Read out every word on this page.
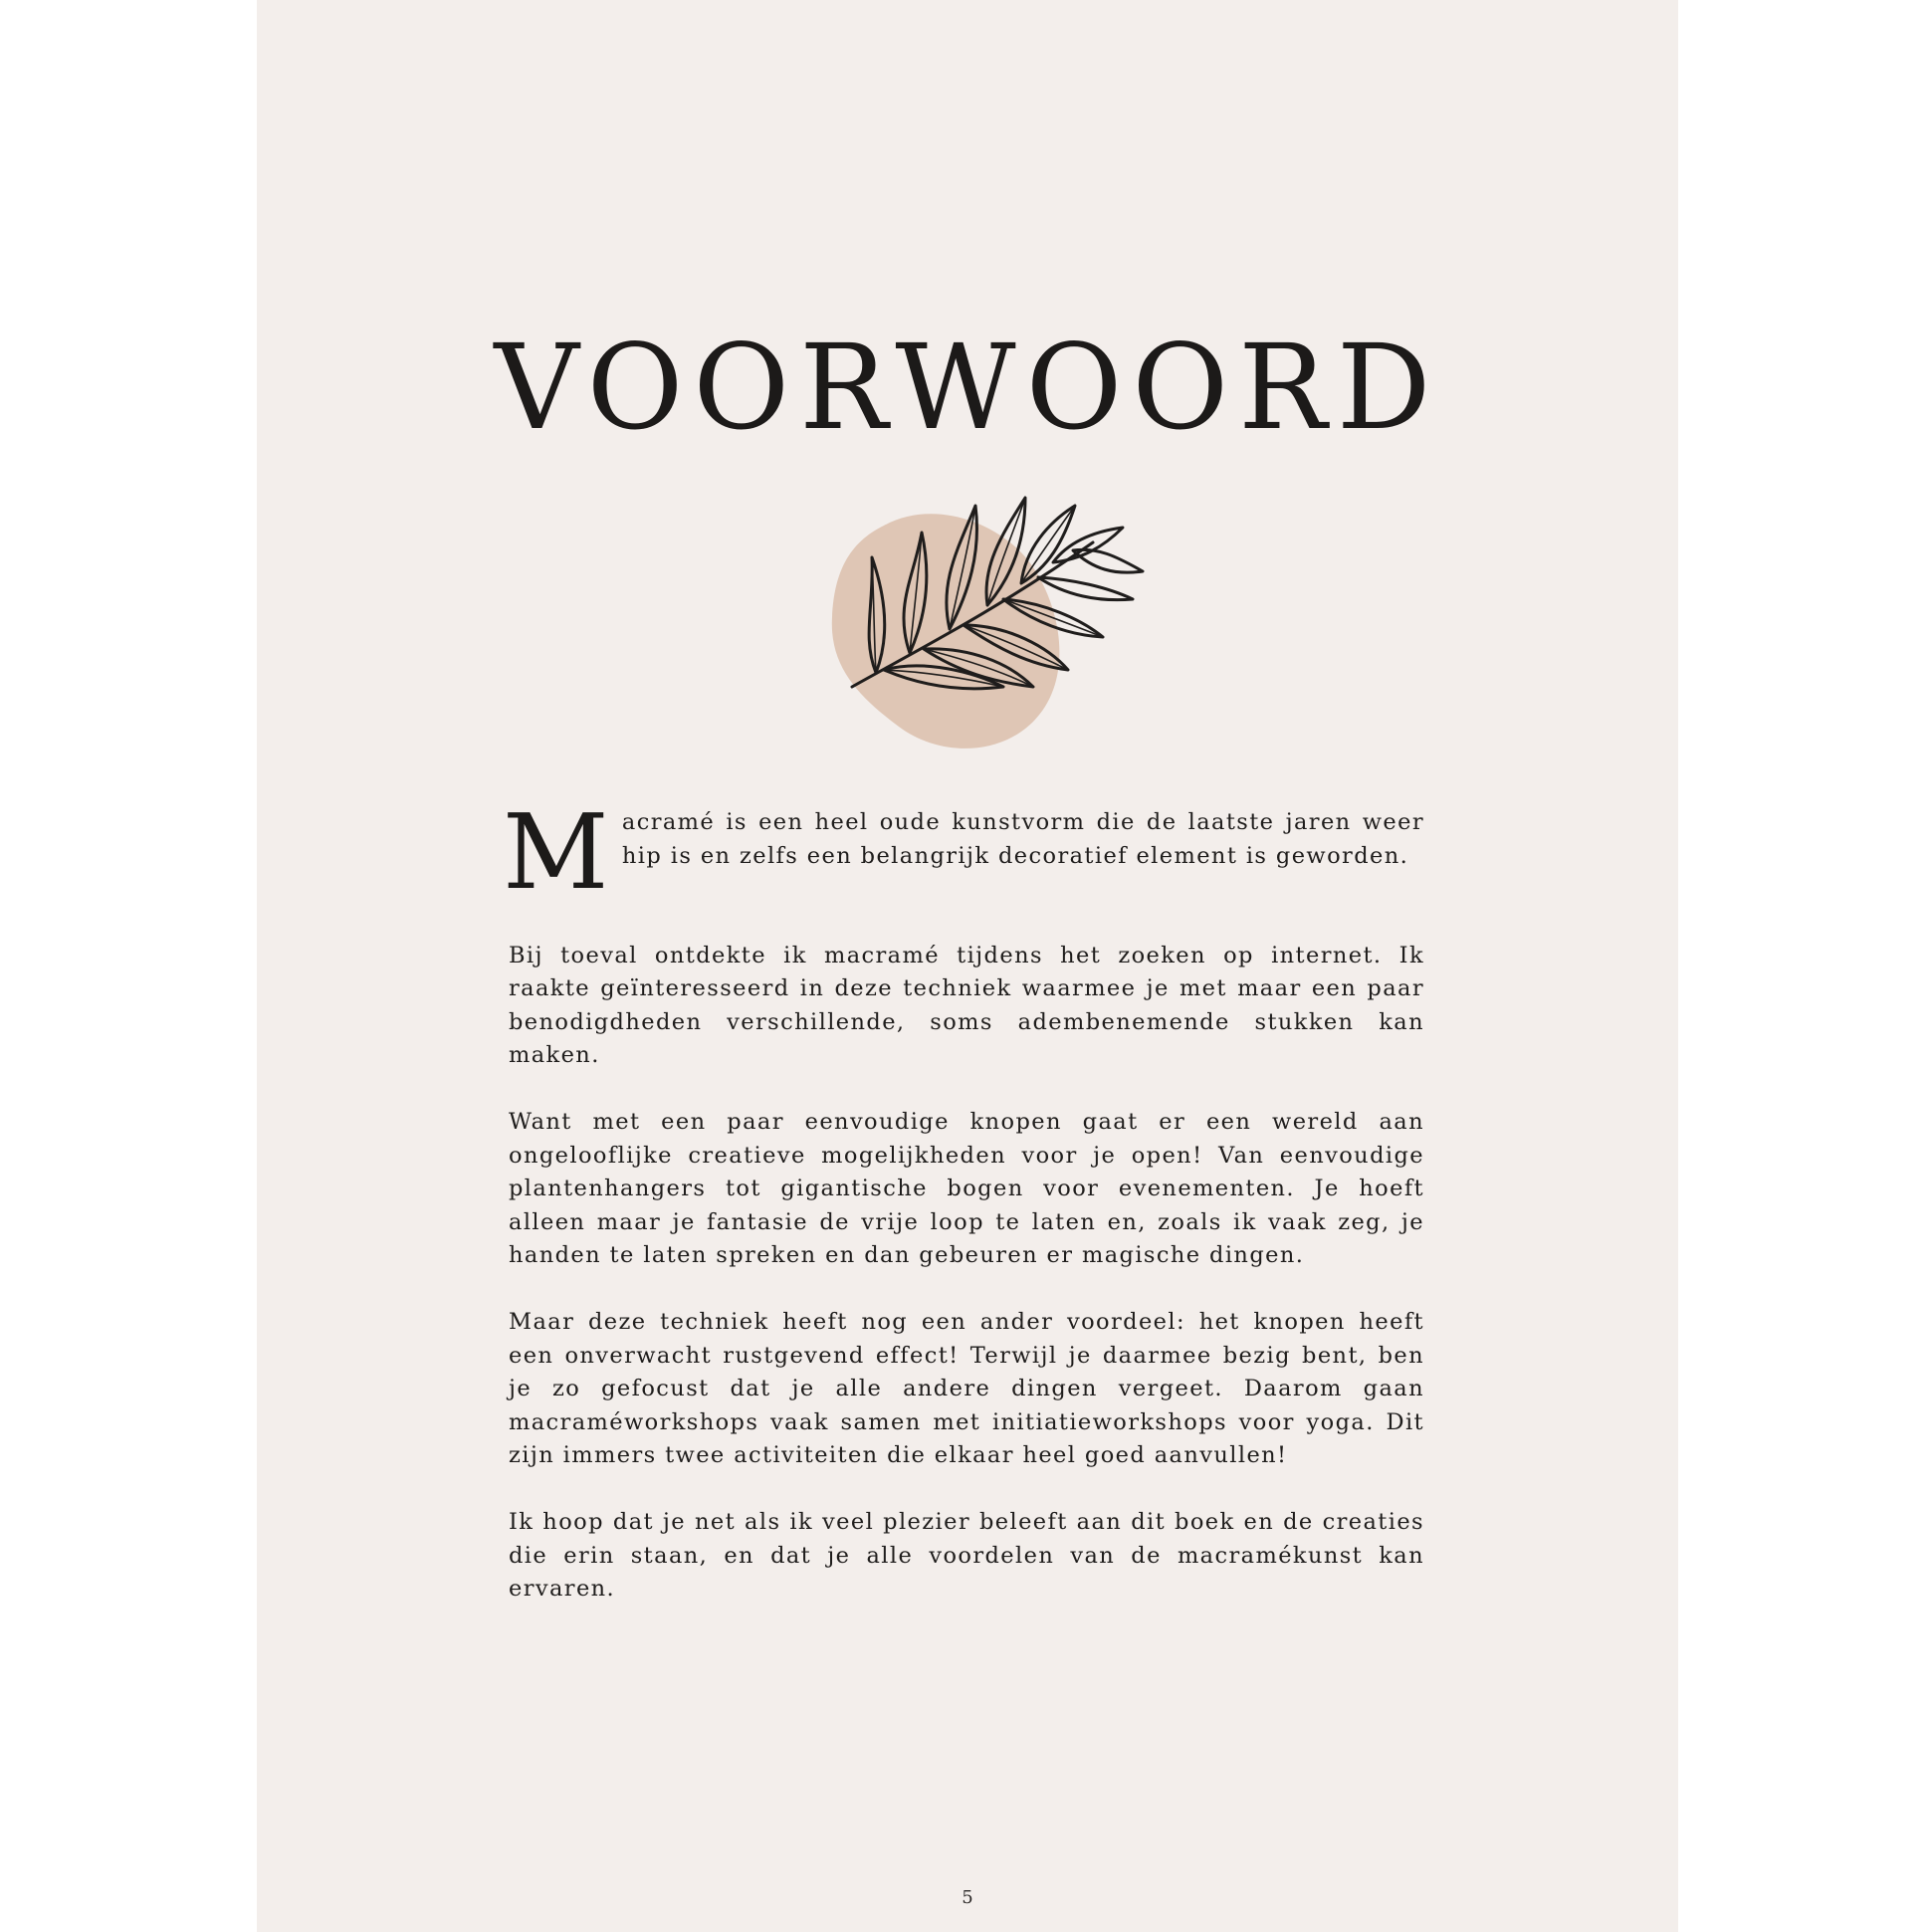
VOORWOORD

Macramé is een heel oude kunstvorm die de laatste jaren weer hip is en zelfs een belangrijk decoratief element is geworden.

Bij toeval ontdekte ik macramé tijdens het zoeken op internet. Ik raakte geïnteresseerd in deze techniek waarmee je met maar een paar benodigdheden verschillende, soms adembenemende stukken kan maken.

Want met een paar eenvoudige knopen gaat er een wereld aan ongelooflijke creatieve mogelijkheden voor je open! Van eenvoudige plantenhangers tot gigantische bogen voor evenementen. Je hoeft alleen maar je fantasie de vrije loop te laten en, zoals ik vaak zeg, je handen te laten spreken en dan gebeuren er magische dingen.

Maar deze techniek heeft nog een ander voordeel: het knopen heeft een onverwacht rustgevend effect! Terwijl je daarmee bezig bent, ben je zo gefocust dat je alle andere dingen vergeet. Daarom gaan macraméworkshops vaak samen met initiatieworkshops voor yoga. Dit zijn immers twee activiteiten die elkaar heel goed aanvullen!

Ik hoop dat je net als ik veel plezier beleeft aan dit boek en de creaties die erin staan, en dat je alle voordelen van de macramékunst kan ervaren.

5
